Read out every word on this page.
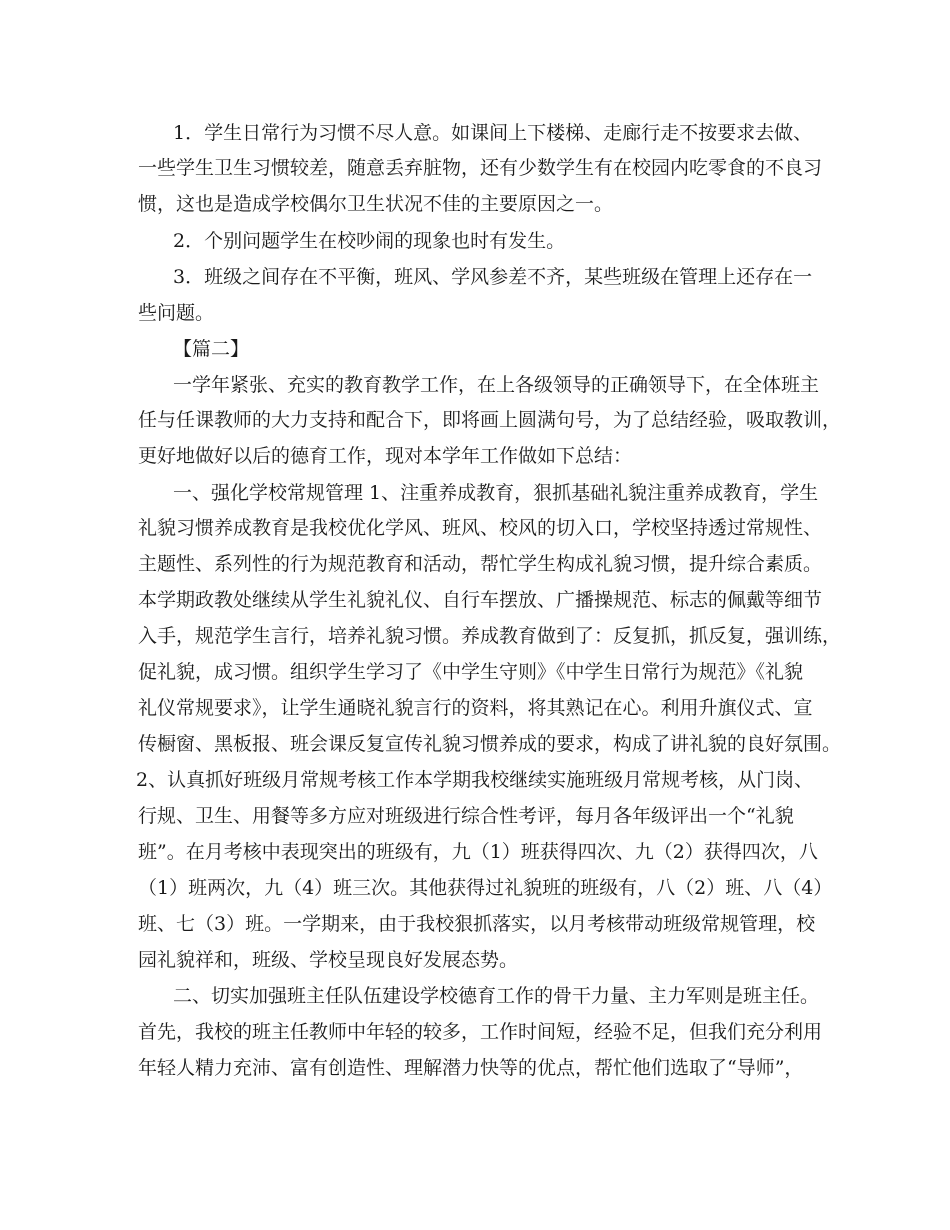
1．学生日常行为习惯不尽人意。如课间上下楼梯、走廊行走不按要求去做、
一些学生卫生习惯较差，随意丢弃脏物，还有少数学生有在校园内吃零食的不良习
惯，这也是造成学校偶尔卫生状况不佳的主要原因之一。
2．个别问题学生在校吵闹的现象也时有发生。
3．班级之间存在不平衡，班风、学风参差不齐，某些班级在管理上还存在一
些问题。
【篇二】
一学年紧张、充实的教育教学工作，在上各级领导的正确领导下，在全体班主
任与任课教师的大力支持和配合下，即将画上圆满句号，为了总结经验，吸取教训，
更好地做好以后的德育工作，现对本学年工作做如下总结：
一、强化学校常规管理 1、注重养成教育，狠抓基础礼貌注重养成教育，学生
礼貌习惯养成教育是我校优化学风、班风、校风的切入口，学校坚持透过常规性、
主题性、系列性的行为规范教育和活动，帮忙学生构成礼貌习惯，提升综合素质。
本学期政教处继续从学生礼貌礼仪、自行车摆放、广播操规范、标志的佩戴等细节
入手，规范学生言行，培养礼貌习惯。养成教育做到了：反复抓，抓反复，强训练，
促礼貌，成习惯。组织学生学习了《中学生守则》《中学生日常行为规范》《礼貌
礼仪常规要求》，让学生通晓礼貌言行的资料，将其熟记在心。利用升旗仪式、宣
传橱窗、黑板报、班会课反复宣传礼貌习惯养成的要求，构成了讲礼貌的良好氛围。
2、认真抓好班级月常规考核工作本学期我校继续实施班级月常规考核，从门岗、
行规、卫生、用餐等多方应对班级进行综合性考评，每月各年级评出一个“礼貌
班”。在月考核中表现突出的班级有，九（1）班获得四次、九（2）获得四次，八
（1）班两次，九（4）班三次。其他获得过礼貌班的班级有，八（2）班、八（4）
班、七（3）班。一学期来，由于我校狠抓落实，以月考核带动班级常规管理，校
园礼貌祥和，班级、学校呈现良好发展态势。
二、切实加强班主任队伍建设学校德育工作的骨干力量、主力军则是班主任。
首先，我校的班主任教师中年轻的较多，工作时间短，经验不足，但我们充分利用
年轻人精力充沛、富有创造性、理解潜力快等的优点，帮忙他们选取了“导师”，
